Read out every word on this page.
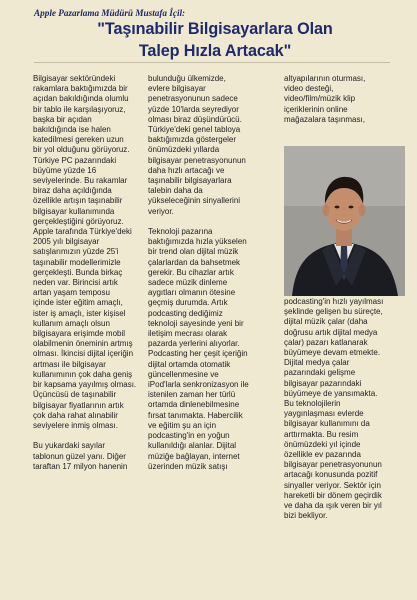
Apple Pazarlama Müdürü Mustafa İçil:
"Taşınabilir Bilgisayarlara Olan
Talep Hızla Artacak"
Bilgisayar sektöründeki
rakamlara baktığımızda bir
açıdan bakıldığında olumlu
bir tablo ile karşılaşıyoruz,
başka bir açıdan
bakıldığında ise halen
katedilmesi gereken uzun
bir yol olduğunu görüyoruz.
Türkiye PC pazarındaki
büyüme yüzde 16
seviyelerinde. Bu rakamlar
biraz daha açıldığında
özellikle artışın taşınabilir
bilgisayar kullanımında
gerçekleştiğini görüyoruz.
Apple tarafında Türkiye'deki
2005 yılı bilgisayar
satışlarımızın yüzde 25'i
taşınabilir modellerimizle
gerçekleşti. Bunda birkaç
neden var. Birincisi artık
artan yaşam temposu
içinde ister eğitim amaçlı,
ister iş amaçlı, ister kişisel
kullanım amaçlı olsun
bilgisayara erişimde mobil
olabilmenin öneminin artmış
olması. İkincisi dijital içeriğin
artması ile bilgisayar
kullanımının çok daha geniş
bir kapsama yayılmış olması.
Üçüncüsü de taşınabilir
bilgisayar fiyatlarının artık
çok daha rahat alınabilir
seviyelere inmiş olması.
Bu yukardaki sayılar
tablonun güzel yanı. Diğer
taraftan 17 milyon hanenin
bulunduğu ülkemizde,
evlere bilgisayar
penetrasyonunun sadece
yüzde 10'larda seyrediyor
olması biraz düşündürücü.
Türkiye'deki genel tabloya
baktığımızda göstergeler
önümüzdeki yıllarda
bilgisayar penetrasyonunun
daha hızlı artacağı ve
taşınabilir bilgisayarlara
talebin daha da
yükseleceğinin sinyallerini
veriyor.
Teknoloji pazarına
baktığımızda hızla yükselen
bir trend olan dijital müzik
çalarlardan da bahsetmek
gerekir. Bu cihazlar artık
sadece müzik dinleme
aygıtları olmanın ötesine
geçmiş durumda. Artık
podcasting dediğimiz
teknoloji sayesinde yeni bir
iletişim mecrası olarak
pazarda yerlerini alıyorlar.
Podcasting her çeşit içeriğin
dijital ortamda otomatik
güncellenmesine ve
iPod'larla senkronizasyon ile
istenilen zaman her türlü
ortamda dinlenebilmesine
fırsat tanımakta. Habercilik
ve eğitim şu an için
podcasting'in en yoğun
kullanıldığı alanlar. Dijital
müziğe bağlayan, internet
üzerinden müzik satışı
altyapılarının oturması,
video desteği,
video/film/müzik klip
içeriklerinin online
mağazalara taşınması,
podcasting'in hızlı yayılması
şeklinde gelişen bu süreçte,
dijital müzik çalar (daha
doğrusu artık dijital medya
çalar) pazarı katlanarak
büyümeye devam etmekte.
Dijital medya çalar
pazarındaki gelişme
bilgisayar pazarındaki
büyümeye de yansımakta.
Bu teknolojilerin
yaygınlaşması evlerde
bilgisayar kullanımını da
arttırmakta. Bu resim
önümüzdeki yıl içinde
özellikle ev pazarında
bilgisayar penetrasyonunun
artacağı konusunda pozitif
sinyaller veriyor. Sektör için
hareketli bir dönem geçirdik
ve daha da ışık veren bir yıl
bizi bekliyor.
